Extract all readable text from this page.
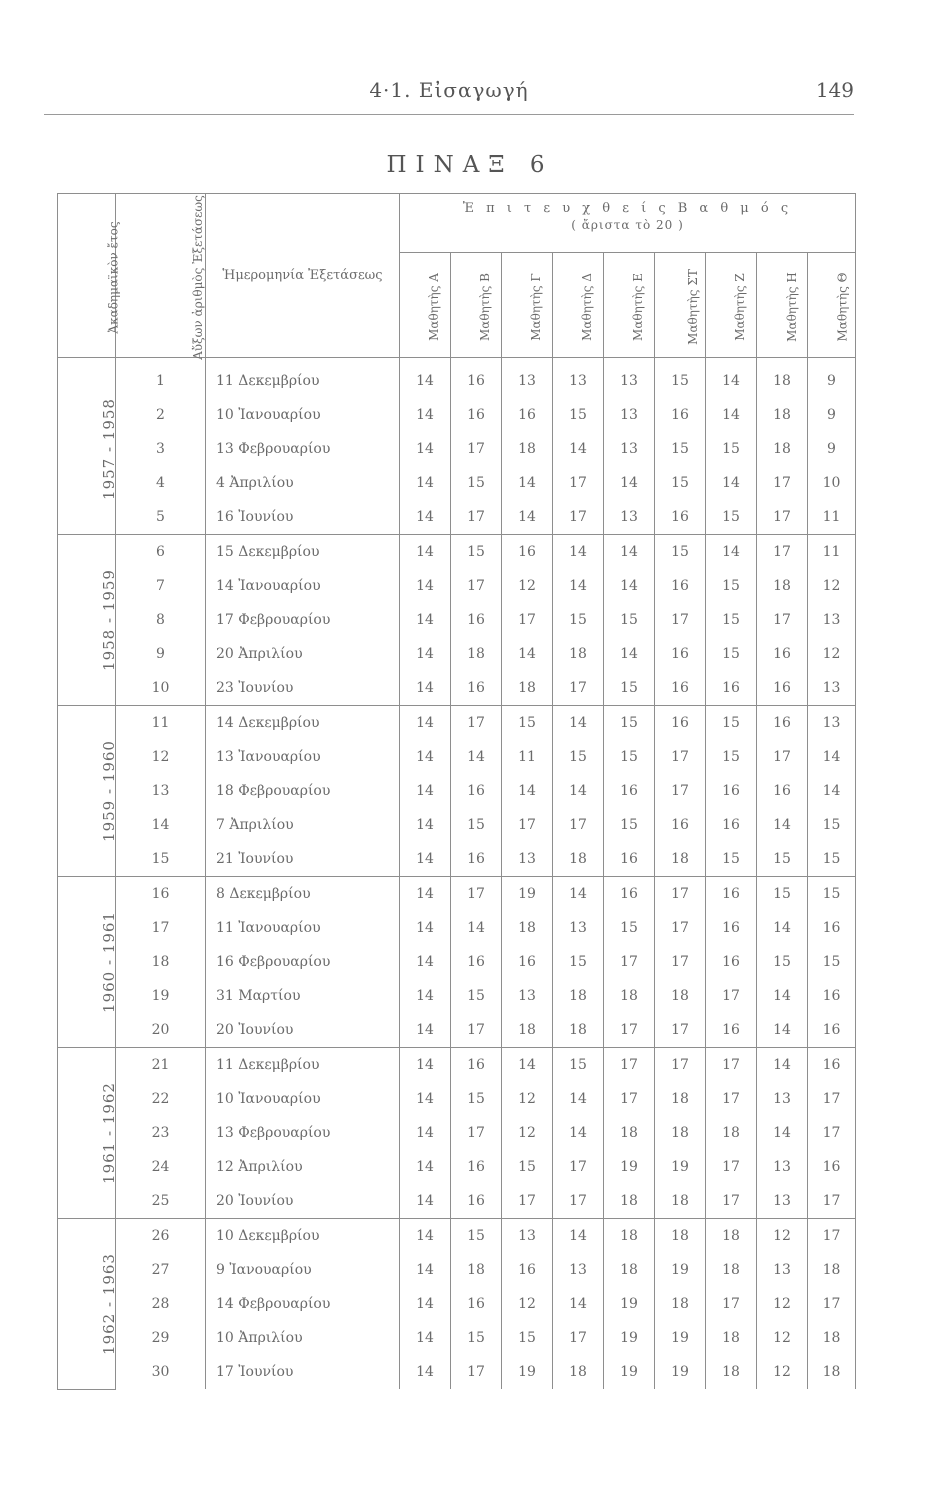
4·1. Εἰσαγωγή	149
ΠΙΝΑΞ 6
Ἀκαδημαϊκὸν ἔτος	Αὔξων ἀριθμὸς Ἐξετάσεως	Ἡμερομηνία Ἐξετάσεως	Ἐ π ι τ ε υ χ θ ε ί ς Β α θ μ ό ς
( ἄριστα τὸ 20 )								

			Μαθητὴς Α	Μαθητὴς Β	Μαθητὴς Γ	Μαθητὴς Δ	Μαθητὴς Ε	Μαθητὴς ΣΤ	Μαθητὴς Ζ	Μαθητὴς Η	Μαθητὴς Θ
1957 - 1958	1	11 Δεκεμβρίου	14	16	13	13	13	15	14	18	9
	2	10 Ἰανουαρίου	14	16	16	15	13	16	14	18	9
	3	13 Φεβρουαρίου	14	17	18	14	13	15	15	18	9
	4	4 Ἀπριλίου	14	15	14	17	14	15	14	17	10
	5	16 Ἰουνίου	14	17	14	17	13	16	15	17	11
1958 - 1959	6	15 Δεκεμβρίου	14	15	16	14	14	15	14	17	11
	7	14 Ἰανουαρίου	14	17	12	14	14	16	15	18	12
	8	17 Φεβρουαρίου	14	16	17	15	15	17	15	17	13
	9	20 Ἀπριλίου	14	18	14	18	14	16	15	16	12
	10	23 Ἰουνίου	14	16	18	17	15	16	16	16	13
1959 - 1960	11	14 Δεκεμβρίου	14	17	15	14	15	16	15	16	13
	12	13 Ἰανουαρίου	14	14	11	15	15	17	15	17	14
	13	18 Φεβρουαρίου	14	16	14	14	16	17	16	16	14
	14	7 Ἀπριλίου	14	15	17	17	15	16	16	14	15
	15	21 Ἰουνίου	14	16	13	18	16	18	15	15	15
1960 - 1961	16	8 Δεκεμβρίου	14	17	19	14	16	17	16	15	15
	17	11 Ἰανουαρίου	14	14	18	13	15	17	16	14	16
	18	16 Φεβρουαρίου	14	16	16	15	17	17	16	15	15
	19	31 Μαρτίου	14	15	13	18	18	18	17	14	16
	20	20 Ἰουνίου	14	17	18	18	17	17	16	14	16
1961 - 1962	21	11 Δεκεμβρίου	14	16	14	15	17	17	17	14	16
	22	10 Ἰανουαρίου	14	15	12	14	17	18	17	13	17
	23	13 Φεβρουαρίου	14	17	12	14	18	18	18	14	17
	24	12 Ἀπριλίου	14	16	15	17	19	19	17	13	16
	25	20 Ἰουνίου	14	16	17	17	18	18	17	13	17
1962 - 1963	26	10 Δεκεμβρίου	14	15	13	14	18	18	18	12	17
	27	9 Ἰανουαρίου	14	18	16	13	18	19	18	13	18
	28	14 Φεβρουαρίου	14	16	12	14	19	18	17	12	17
	29	10 Ἀπριλίου	14	15	15	17	19	19	18	12	18
	30	17 Ἰουνίου	14	17	19	18	19	19	18	12	18
